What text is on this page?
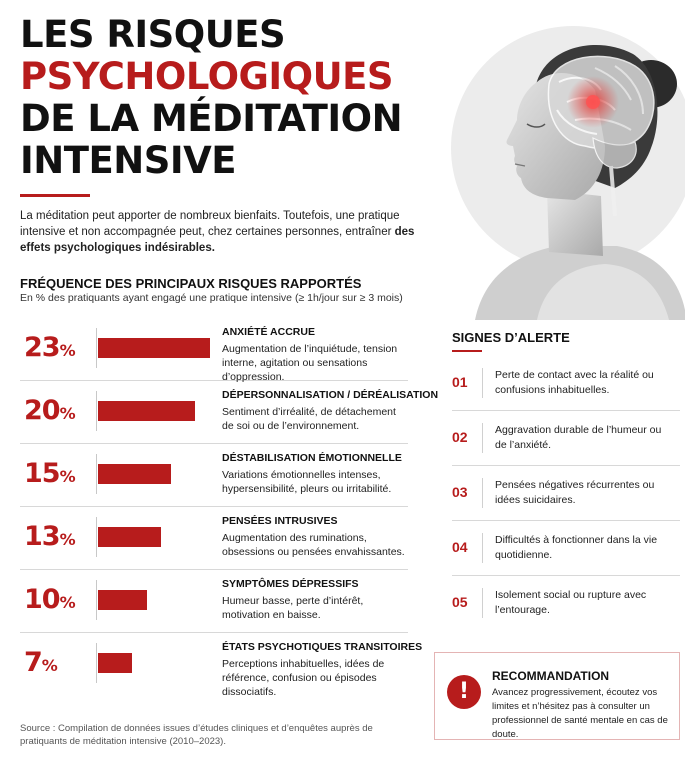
LES RISQUES
PSYCHOLOGIQUES
DE LA MÉDITATION
INTENSIVE

La méditation peut apporter de nombreux bienfaits. Toutefois, une pratique intensive et non accompagnée peut, chez certaines personnes, entraîner des effets psychologiques indésirables.

FRÉQUENCE DES PRINCIPAUX RISQUES RAPPORTÉS
En % des pratiquants ayant engagé une pratique intensive (≥ 1h/jour sur ≥ 3 mois)
23%
ANXIÉTÉ ACCRUE
Augmentation de l’inquiétude, tension interne, agitation ou sensations d’oppression.
20%
DÉPERSONNALISATION / DÉRÉALISATION
Sentiment d’irréalité, de détachement de soi ou de l’environnement.
15%
DÉSTABILISATION ÉMOTIONNELLE
Variations émotionnelles intenses, hypersensibilité, pleurs ou irritabilité.
13%
PENSÉES INTRUSIVES
Augmentation des ruminations, obsessions ou pensées envahissantes.
10%
SYMPTÔMES DÉPRESSIFS
Humeur basse, perte d’intérêt, motivation en baisse.
7%
ÉTATS PSYCHOTIQUES TRANSITOIRES
Perceptions inhabituelles, idées de référence, confusion ou épisodes dissociatifs.
Source : Compilation de données issues d’études cliniques et d’enquêtes auprès de pratiquants de méditation intensive (2010–2023).
SIGNES D’ALERTE
01	Perte de contact avec la réalité ou confusions inhabituelles.
02	Aggravation durable de l’humeur ou de l’anxiété.
03	Pensées négatives récurrentes ou idées suicidaires.
04	Difficultés à fonctionner dans la vie quotidienne.
05	Isolement social ou rupture avec l’entourage.
!
RECOMMANDATION
Avancez progressivement, écoutez vos limites et n’hésitez pas à consulter un professionnel de santé mentale en cas de doute.
